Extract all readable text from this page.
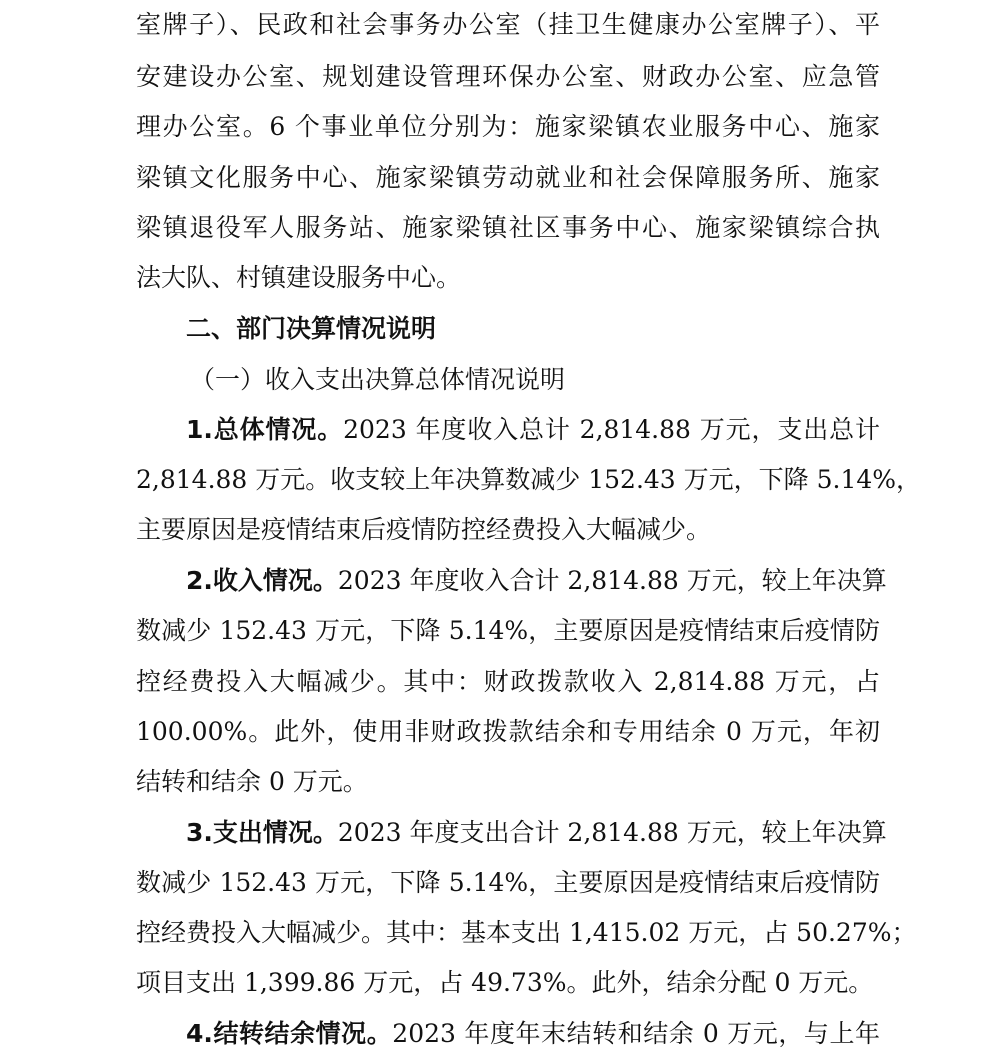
室牌子）、民政和社会事务办公室（挂卫生健康办公室牌子）、平
安建设办公室、规划建设管理环保办公室、财政办公室、应急管
理办公室。6 个事业单位分别为：施家梁镇农业服务中心、施家
梁镇文化服务中心、施家梁镇劳动就业和社会保障服务所、施家
梁镇退役军人服务站、施家梁镇社区事务中心、施家梁镇综合执
法大队、村镇建设服务中心。
二、部门决算情况说明
（一）收入支出决算总体情况说明
1.总体情况。2023 年度收入总计 2,814.88 万元，支出总计
2,814.88 万元。收支较上年决算数减少 152.43 万元，下降 5.14%，
主要原因是疫情结束后疫情防控经费投入大幅减少。
2.收入情况。2023 年度收入合计 2,814.88 万元，较上年决算
数减少 152.43 万元，下降 5.14%，主要原因是疫情结束后疫情防
控经费投入大幅减少。其中：财政拨款收入 2,814.88 万元，占
100.00%。此外，使用非财政拨款结余和专用结余 0 万元，年初
结转和结余 0 万元。
3.支出情况。2023 年度支出合计 2,814.88 万元，较上年决算
数减少 152.43 万元，下降 5.14%，主要原因是疫情结束后疫情防
控经费投入大幅减少。其中：基本支出 1,415.02 万元，占 50.27%；
项目支出 1,399.86 万元，占 49.73%。此外，结余分配 0 万元。
4.结转结余情况。2023 年度年末结转和结余 0 万元，与上年
